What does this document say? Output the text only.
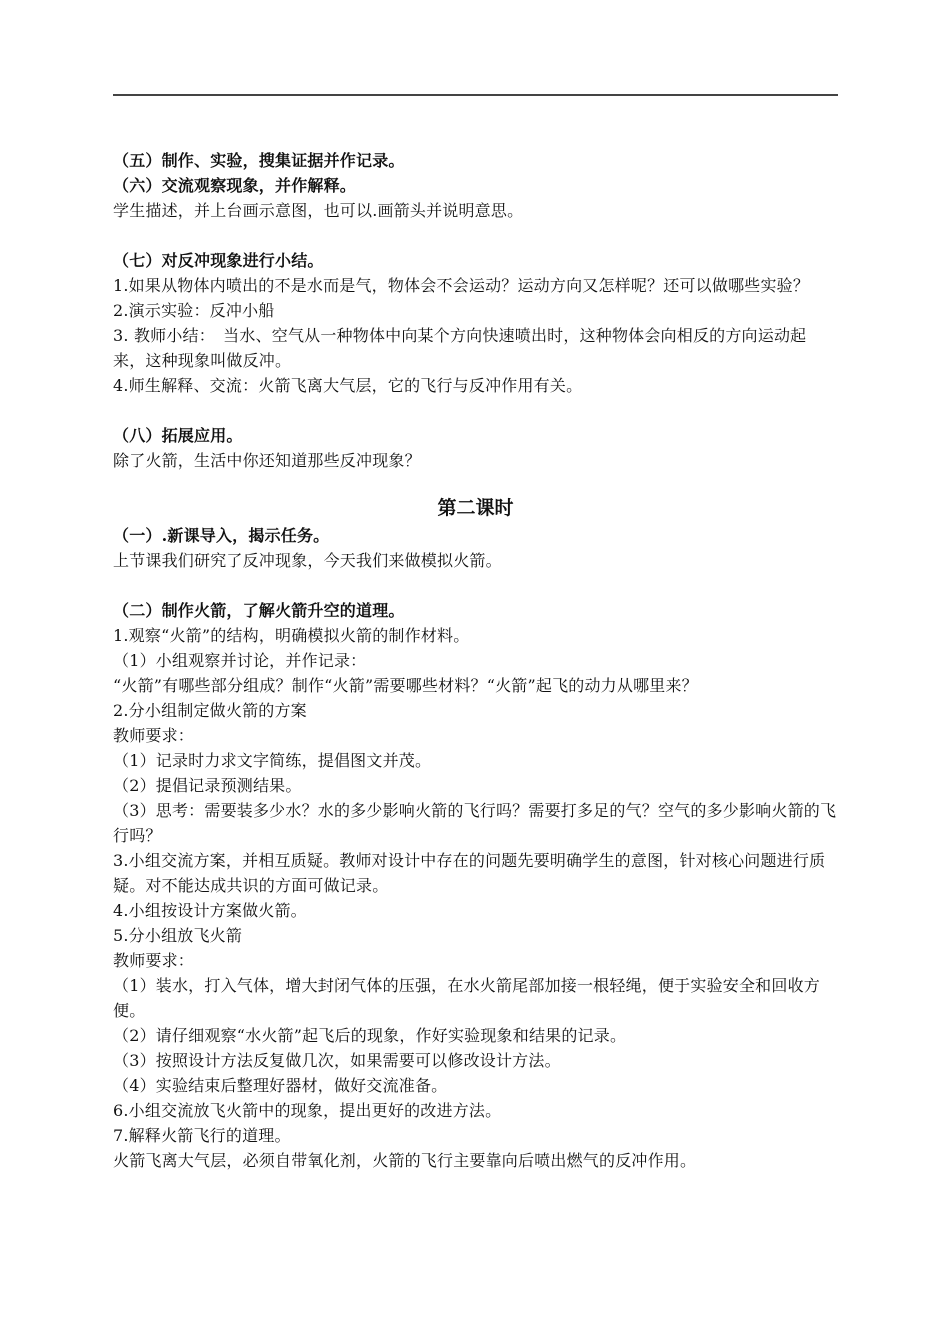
（五）制作、实验，搜集证据并作记录。
（六）交流观察现象，并作解释。
学生描述，并上台画示意图，也可以.画箭头并说明意思。
（七）对反冲现象进行小结。
1.如果从物体内喷出的不是水而是气，物体会不会运动？运动方向又怎样呢？还可以做哪些实验？
2.演示实验：反冲小船
3. 教师小结：　当水、空气从一种物体中向某个方向快速喷出时，这种物体会向相反的方向运动起来，这种现象叫做反冲。
4.师生解释、交流：火箭飞离大气层，它的飞行与反冲作用有关。
（八）拓展应用。
除了火箭，生活中你还知道那些反冲现象？
第二课时
（一）.新课导入，揭示任务。
上节课我们研究了反冲现象，今天我们来做模拟火箭。
（二）制作火箭，了解火箭升空的道理。
1.观察“火箭”的结构，明确模拟火箭的制作材料。
（1）小组观察并讨论，并作记录：
“火箭”有哪些部分组成？制作“火箭”需要哪些材料？“火箭”起飞的动力从哪里来？
2.分小组制定做火箭的方案
教师要求：
（1）记录时力求文字简练，提倡图文并茂。
（2）提倡记录预测结果。
（3）思考：需要装多少水？水的多少影响火箭的飞行吗？需要打多足的气？空气的多少影响火箭的飞行吗？
3.小组交流方案，并相互质疑。教师对设计中存在的问题先要明确学生的意图，针对核心问题进行质疑。对不能达成共识的方面可做记录。
4.小组按设计方案做火箭。
5.分小组放飞火箭
教师要求：
（1）装水，打入气体，增大封闭气体的压强，在水火箭尾部加接一根轻绳，便于实验安全和回收方便。
（2）请仔细观察“水火箭”起飞后的现象，作好实验现象和结果的记录。
（3）按照设计方法反复做几次，如果需要可以修改设计方法。
（4）实验结束后整理好器材，做好交流准备。
6.小组交流放飞火箭中的现象，提出更好的改进方法。
7.解释火箭飞行的道理。
火箭飞离大气层，必须自带氧化剂，火箭的飞行主要靠向后喷出燃气的反冲作用。
